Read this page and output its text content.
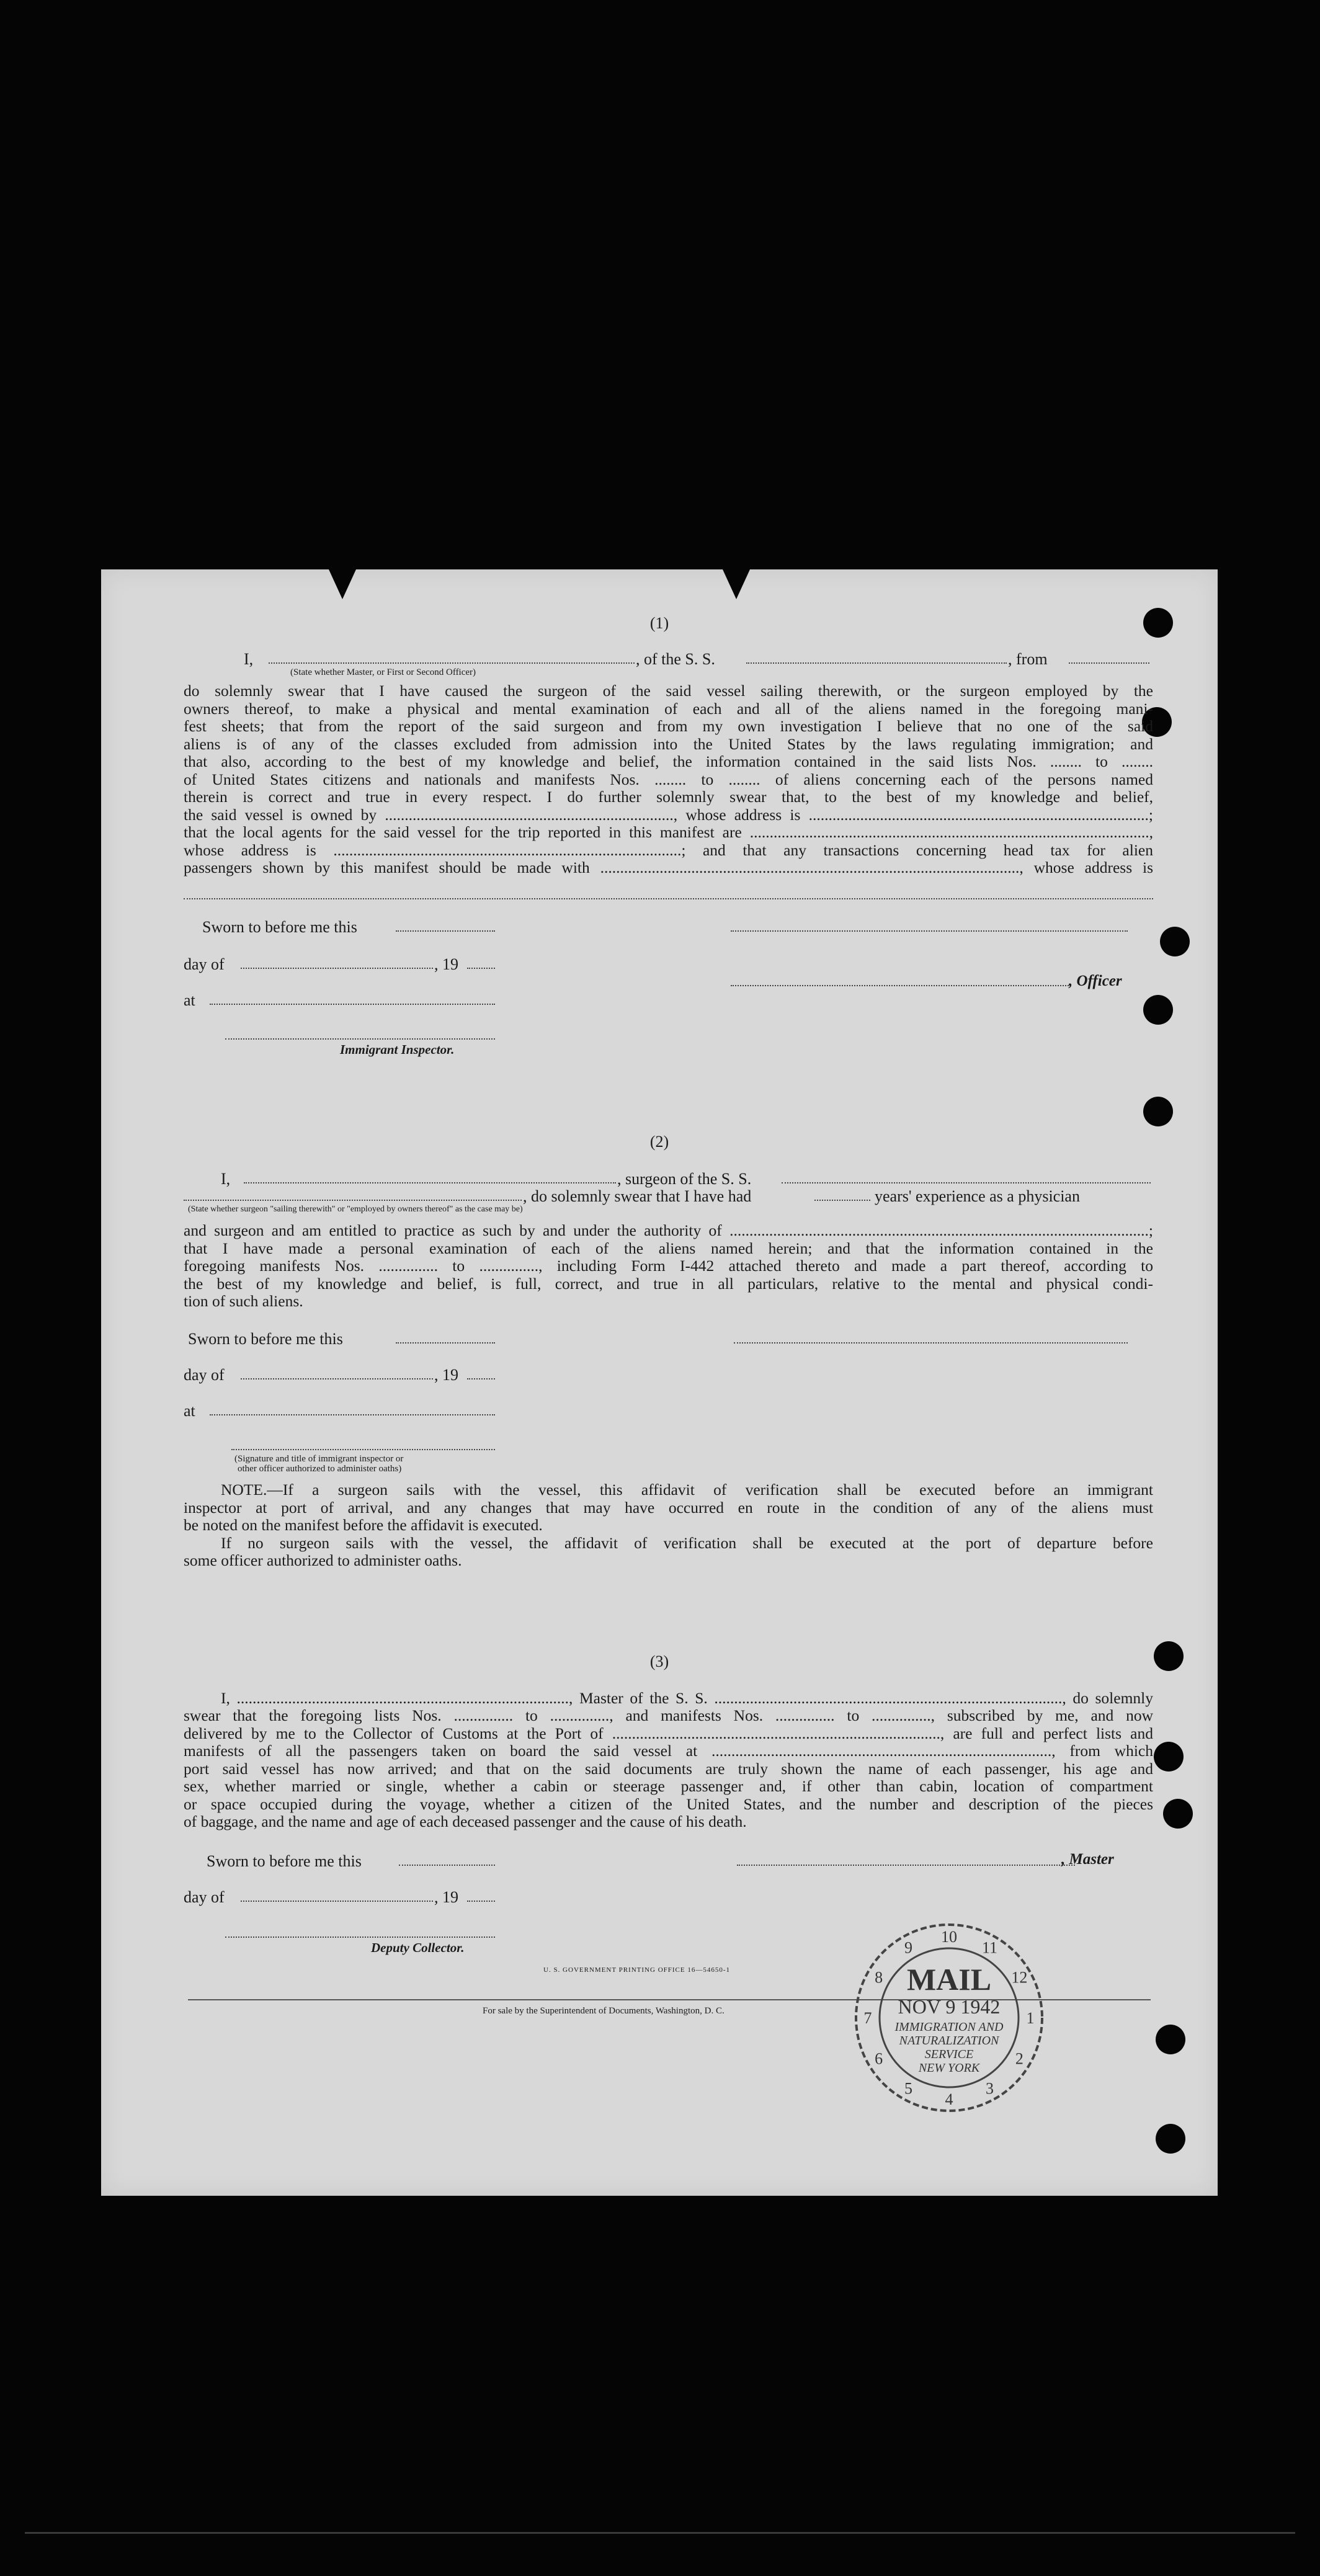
(1)
I,	, of the S. S.	, from
(State whether Master, or First or Second Officer)
do solemnly swear that I have caused the surgeon of the said vessel sailing therewith, or the surgeon employed by the
owners thereof, to make a physical and mental examination of each and all of the aliens named in the foregoing mani-
fest sheets; that from the report of the said surgeon and from my own investigation I believe that no one of the said
aliens is of any of the classes excluded from admission into the United States by the laws regulating immigration; and
that also, according to the best of my knowledge and belief, the information contained in the said lists Nos. ........ to ........
of United States citizens and nationals and manifests Nos. ........ to ........ of aliens concerning each of the persons named
therein is correct and true in every respect. I do further solemnly swear that, to the best of my knowledge and belief,
the said vessel is owned by ........................................................................., whose address is ......................................................................................;
that the local agents for the said vessel for the trip reported in this manifest are .....................................................................................................,
whose address is ........................................................................................; and that any transactions concerning head tax for alien
passengers shown by this manifest should be made with .........................................................................................................., whose address is
Sworn to before me this
day of	, 19
, Officer
at
Immigrant Inspector.
(2)
I,	, surgeon of the S. S.
, do solemnly swear that I have had	years' experience as a physician
(State whether surgeon "sailing therewith" or "employed by owners thereof" as the case may be)
and surgeon and am entitled to practice as such by and under the authority of ..........................................................................................................;
that I have made a personal examination of each of the aliens named herein; and that the information contained in the
foregoing manifests Nos. ............... to ..............., including Form I-442 attached thereto and made a part thereof, according to
the best of my knowledge and belief, is full, correct, and true in all particulars, relative to the mental and physical condi-
tion of such aliens.
Sworn to before me this
day of	, 19
at
(Signature and title of immigrant inspector or
other officer authorized to administer oaths)
NOTE.—If a surgeon sails with the vessel, this affidavit of verification shall be executed before an immigrant
inspector at port of arrival, and any changes that may have occurred en route in the condition of any of the aliens must
be noted on the manifest before the affidavit is executed.
If no surgeon sails with the vessel, the affidavit of verification shall be executed at the port of departure before
some officer authorized to administer oaths.
(3)
I, ...................................................................................., Master of the S. S. ........................................................................................, do solemnly
swear that the foregoing lists Nos. ............... to ..............., and manifests Nos. ............... to ..............., subscribed by me, and now
delivered by me to the Collector of Customs at the Port of ..................................................................................., are full and perfect lists and
manifests of all the passengers taken on board the said vessel at ......................................................................................, from which
port said vessel has now arrived; and that on the said documents are truly shown the name of each passenger, his age and
sex, whether married or single, whether a cabin or steerage passenger and, if other than cabin, location of compartment
or space occupied during the voyage, whether a citizen of the United States, and the number and description of the pieces
of baggage, and the name and age of each deceased passenger and the cause of his death.
Sworn to before me this	, Master
day of	, 19
Deputy Collector.
U. S. GOVERNMENT PRINTING OFFICE 16—54650-1
For sale by the Superintendent of Documents, Washington, D. C.
8
9
10
11
12
1
2
3
4
5
6
7
MAIL
NOV 9 1942
IMMIGRATION AND
NATURALIZATION
SERVICE
NEW YORK
